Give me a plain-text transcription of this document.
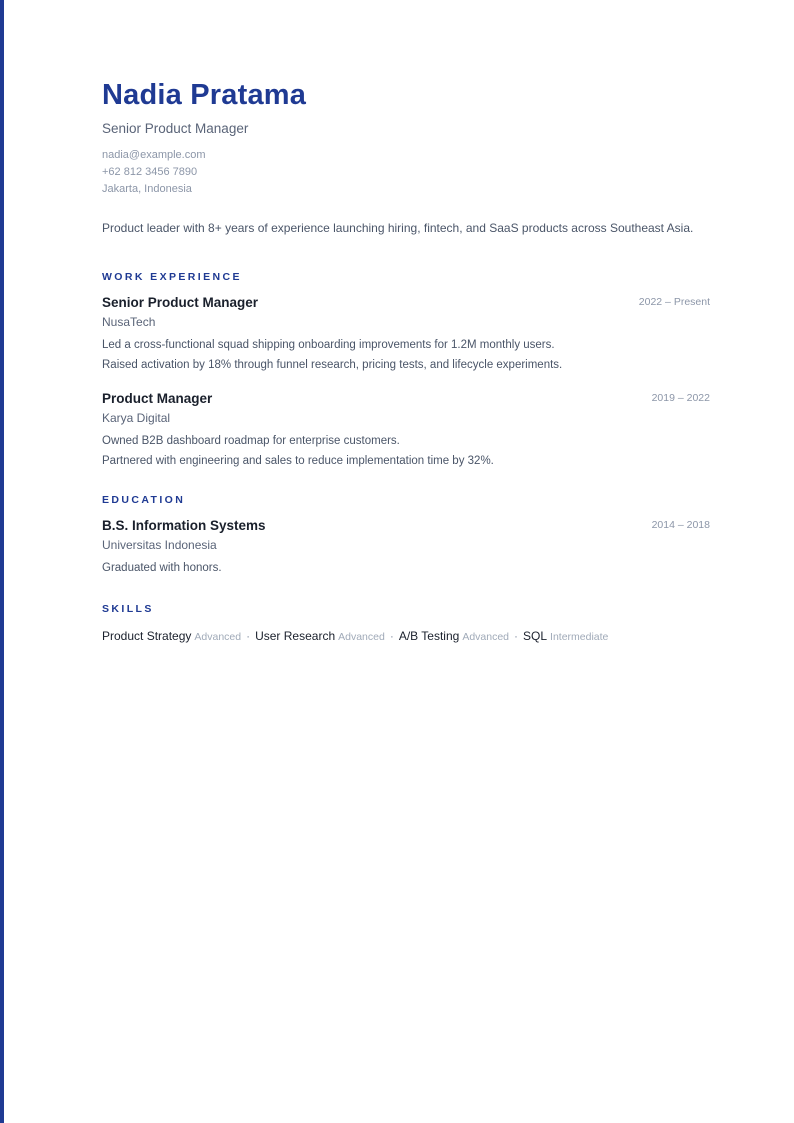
Nadia Pratama
Senior Product Manager
nadia@example.com
+62 812 3456 7890
Jakarta, Indonesia
Product leader with 8+ years of experience launching hiring, fintech, and SaaS products across Southeast Asia.
WORK EXPERIENCE
Senior Product Manager	2022 – Present
NusaTech
Led a cross-functional squad shipping onboarding improvements for 1.2M monthly users.
Raised activation by 18% through funnel research, pricing tests, and lifecycle experiments.
Product Manager	2019 – 2022
Karya Digital
Owned B2B dashboard roadmap for enterprise customers.
Partnered with engineering and sales to reduce implementation time by 32%.
EDUCATION
B.S. Information Systems	2014 – 2018
Universitas Indonesia
Graduated with honors.
SKILLS
Product Strategy Advanced · User Research Advanced · A/B Testing Advanced · SQL Intermediate
